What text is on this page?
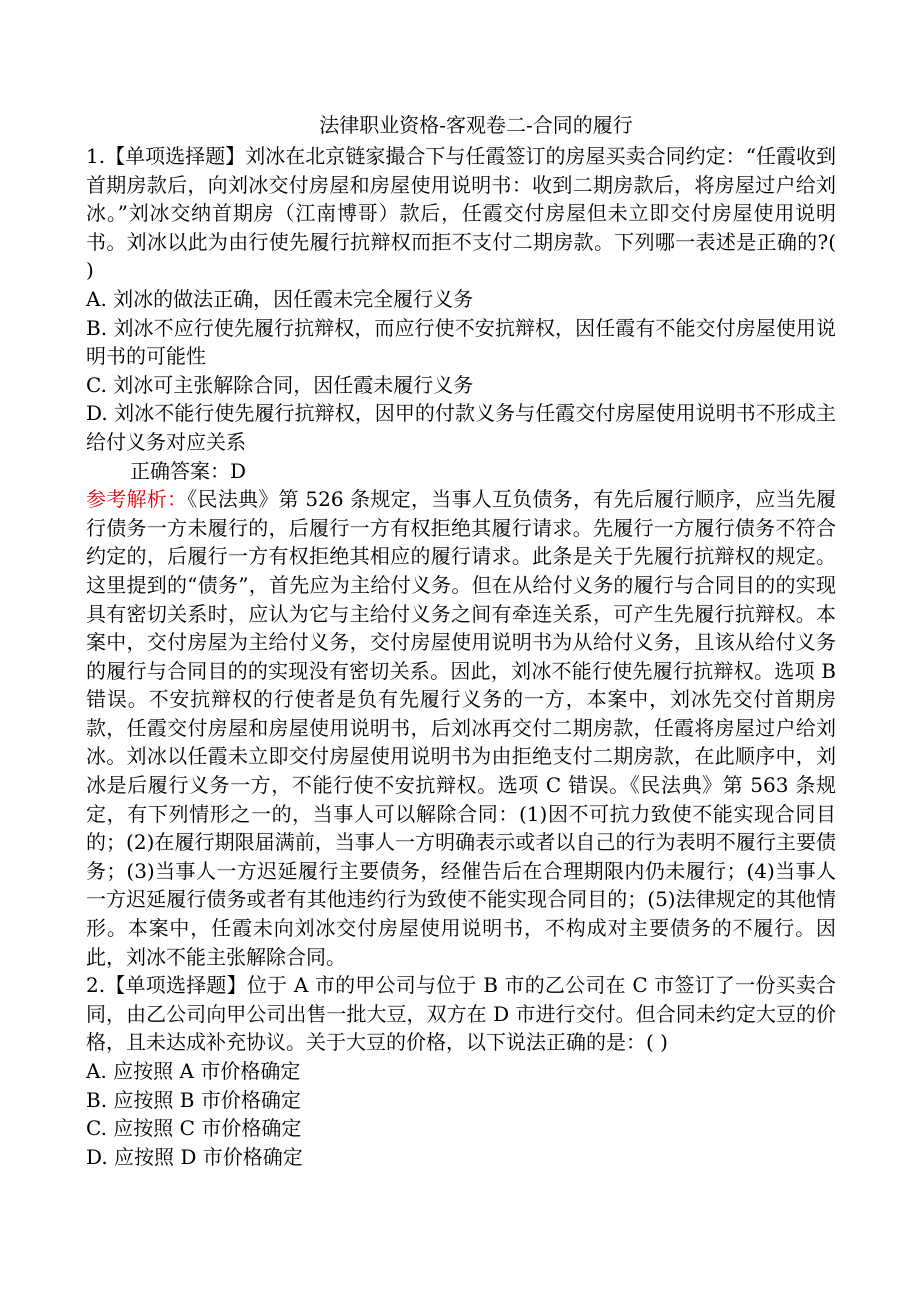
法律职业资格-客观卷二-合同的履行

1.【单项选择题】刘冰在北京链家撮合下与任霞签订的房屋买卖合同约定：“任霞收到首期房款后，向刘冰交付房屋和房屋使用说明书：收到二期房款后，将房屋过户给刘冰。”刘冰交纳首期房（江南博哥）款后，任霞交付房屋但未立即交付房屋使用说明书。刘冰以此为由行使先履行抗辩权而拒不支付二期房款。下列哪一表述是正确的?( )

A. 刘冰的做法正确，因任霞未完全履行义务

B. 刘冰不应行使先履行抗辩权，而应行使不安抗辩权，因任霞有不能交付房屋使用说明书的可能性

C. 刘冰可主张解除合同，因任霞未履行义务

D. 刘冰不能行使先履行抗辩权，因甲的付款义务与任霞交付房屋使用说明书不形成主给付义务对应关系

正确答案：D

参考解析：《民法典》第 526 条规定，当事人互负债务，有先后履行顺序，应当先履行债务一方未履行的，后履行一方有权拒绝其履行请求。先履行一方履行债务不符合约定的，后履行一方有权拒绝其相应的履行请求。此条是关于先履行抗辩权的规定。这里提到的“债务”，首先应为主给付义务。但在从给付义务的履行与合同目的的实现具有密切关系时，应认为它与主给付义务之间有牵连关系，可产生先履行抗辩权。本案中，交付房屋为主给付义务，交付房屋使用说明书为从给付义务，且该从给付义务的履行与合同目的的实现没有密切关系。因此，刘冰不能行使先履行抗辩权。选项 B 错误。不安抗辩权的行使者是负有先履行义务的一方，本案中，刘冰先交付首期房款，任霞交付房屋和房屋使用说明书，后刘冰再交付二期房款，任霞将房屋过户给刘冰。刘冰以任霞未立即交付房屋使用说明书为由拒绝支付二期房款，在此顺序中，刘冰是后履行义务一方，不能行使不安抗辩权。选项 C 错误。《民法典》第 563 条规定，有下列情形之一的，当事人可以解除合同：(1)因不可抗力致使不能实现合同目的；(2)在履行期限届满前，当事人一方明确表示或者以自己的行为表明不履行主要债务；(3)当事人一方迟延履行主要债务，经催告后在合理期限内仍未履行；(4)当事人一方迟延履行债务或者有其他违约行为致使不能实现合同目的；(5)法律规定的其他情形。本案中，任霞未向刘冰交付房屋使用说明书，不构成对主要债务的不履行。因此，刘冰不能主张解除合同。

2.【单项选择题】位于 A 市的甲公司与位于 B 市的乙公司在 C 市签订了一份买卖合同，由乙公司向甲公司出售一批大豆，双方在 D 市进行交付。但合同未约定大豆的价格，且未达成补充协议。关于大豆的价格，以下说法正确的是：( )

A. 应按照 A 市价格确定

B. 应按照 B 市价格确定

C. 应按照 C 市价格确定

D. 应按照 D 市价格确定
